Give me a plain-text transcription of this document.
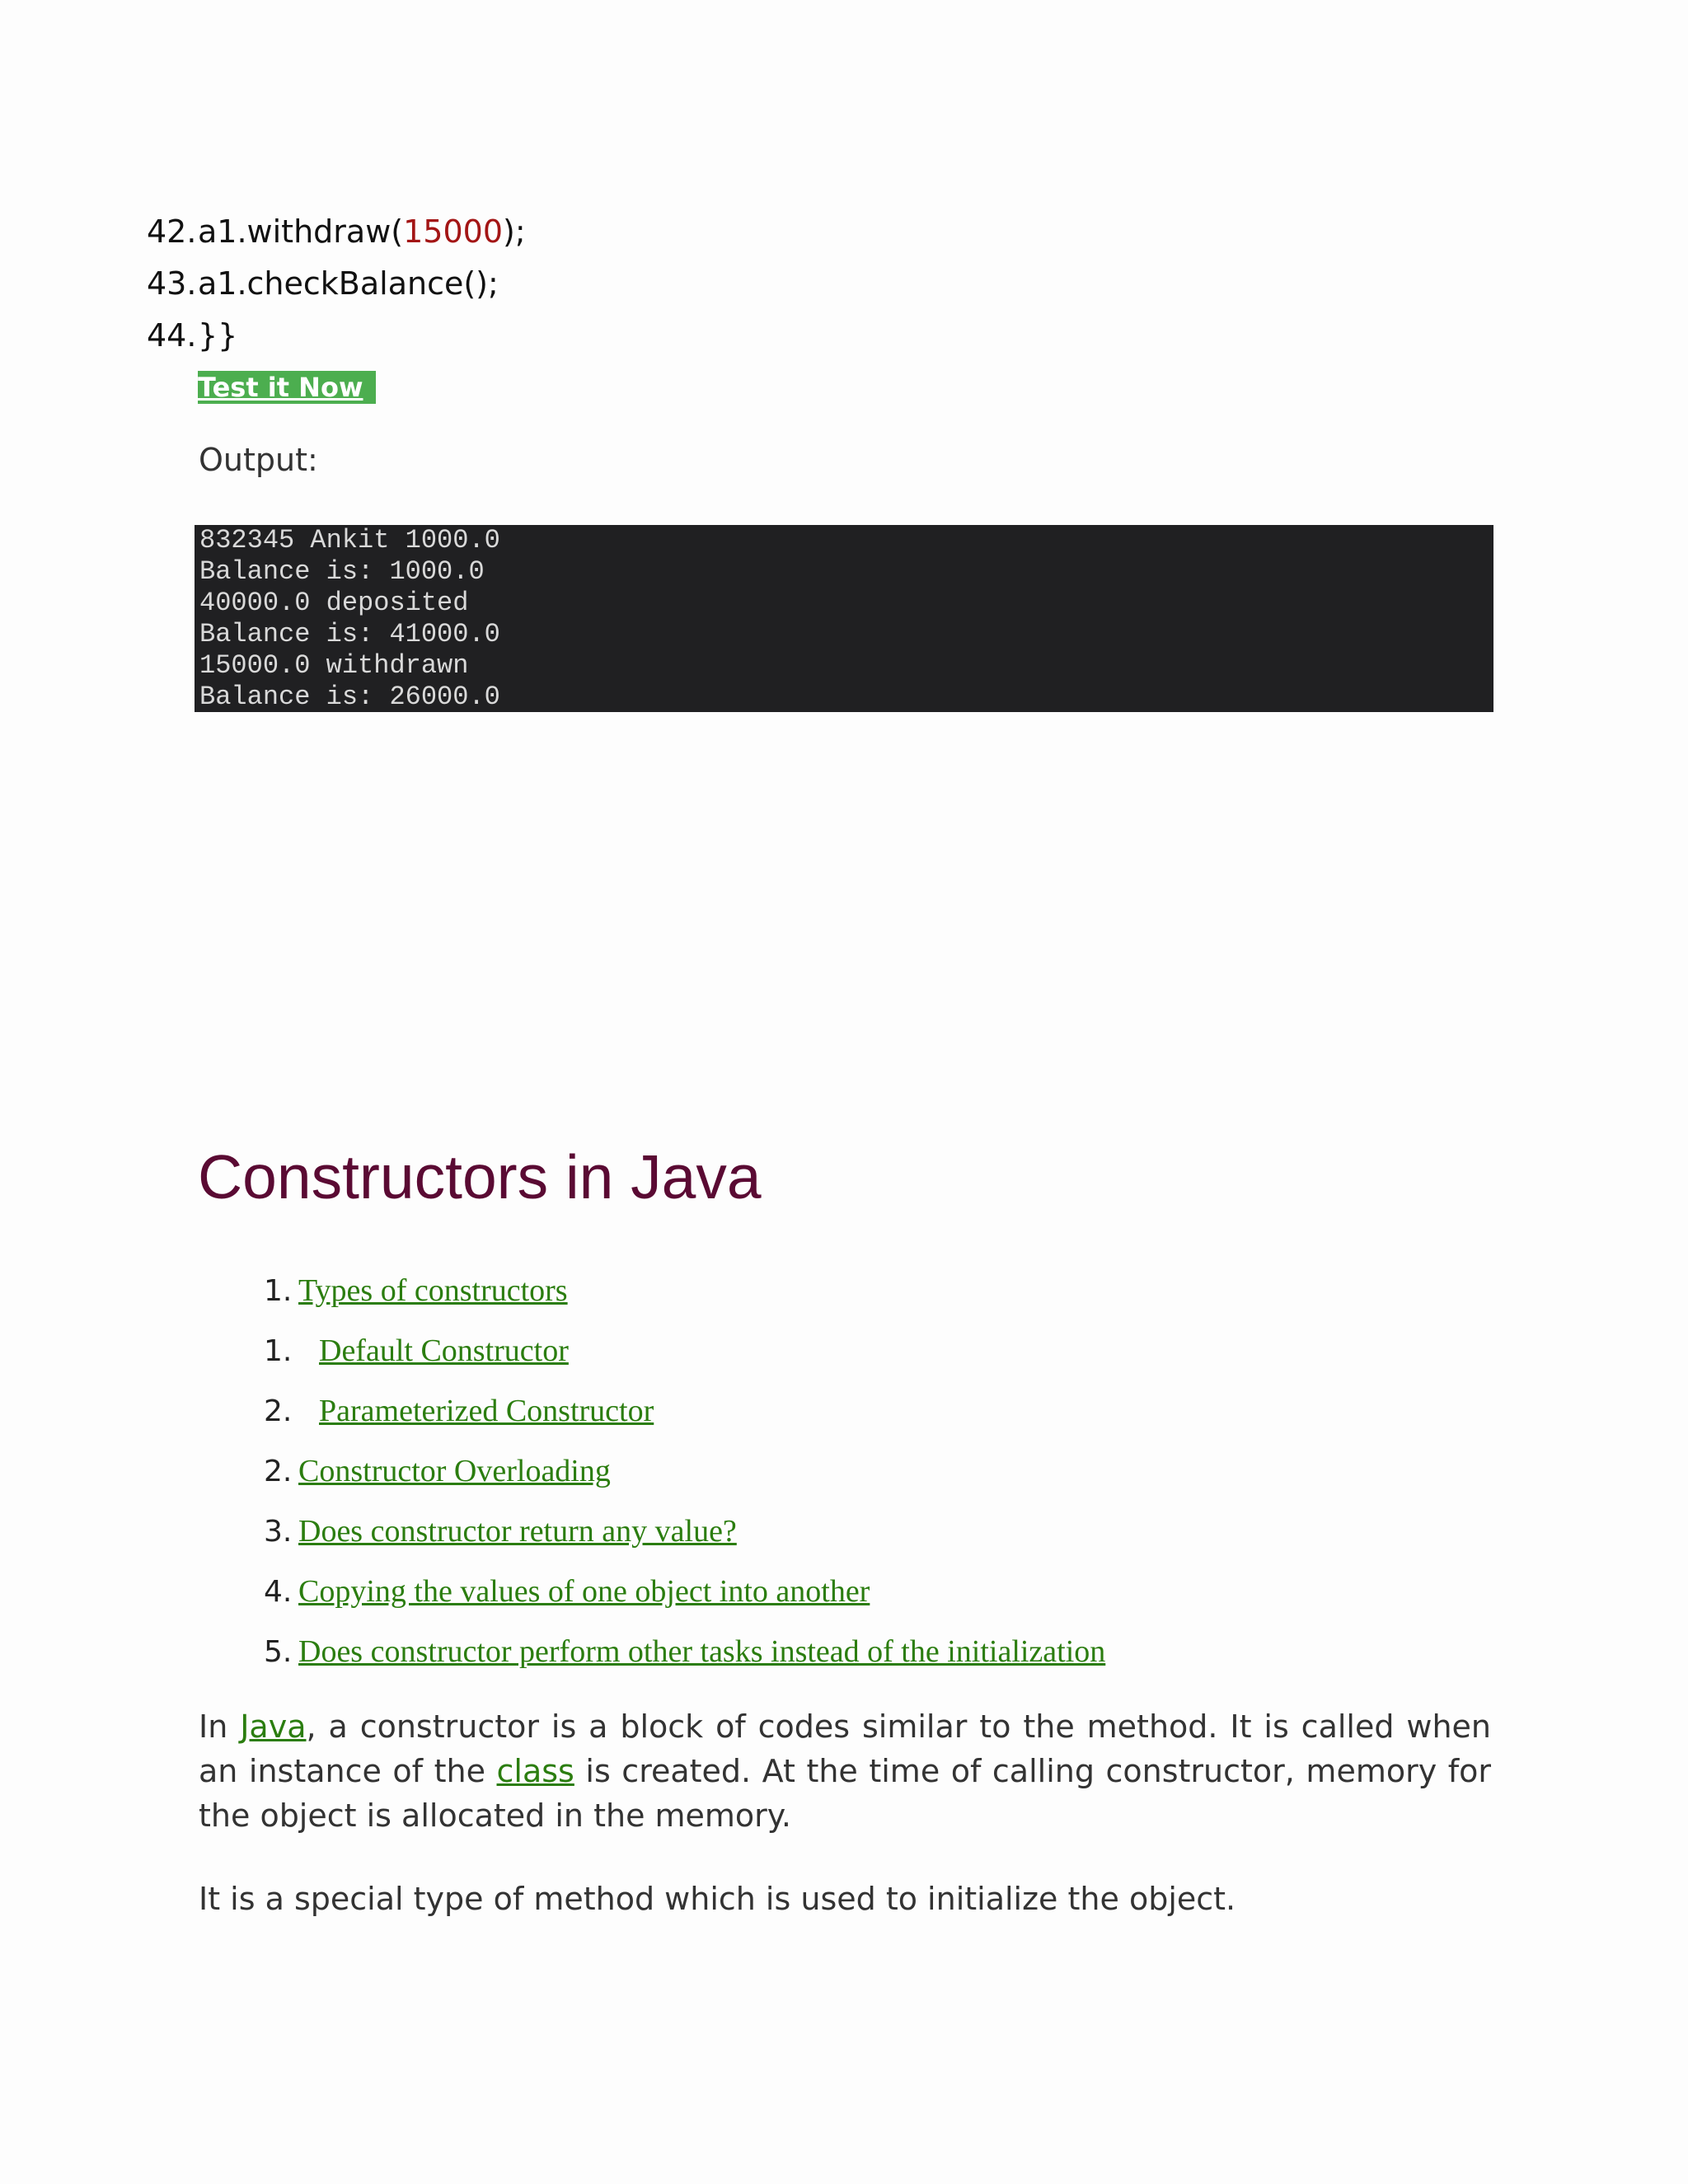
42.a1.withdraw(15000);
43.a1.checkBalance();
44.}}
Test it Now
Output:
832345 Ankit 1000.0
Balance is: 1000.0
40000.0 deposited
Balance is: 41000.0
15000.0 withdrawn
Balance is: 26000.0
Constructors in Java
1. Types of constructors
1. Default Constructor
2. Parameterized Constructor
2. Constructor Overloading
3. Does constructor return any value?
4. Copying the values of one object into another
5. Does constructor perform other tasks instead of the initialization

In Java, a constructor is a block of codes similar to the method. It is called when an instance of the class is created. At the time of calling constructor, memory for the object is allocated in the memory.

It is a special type of method which is used to initialize the object.
